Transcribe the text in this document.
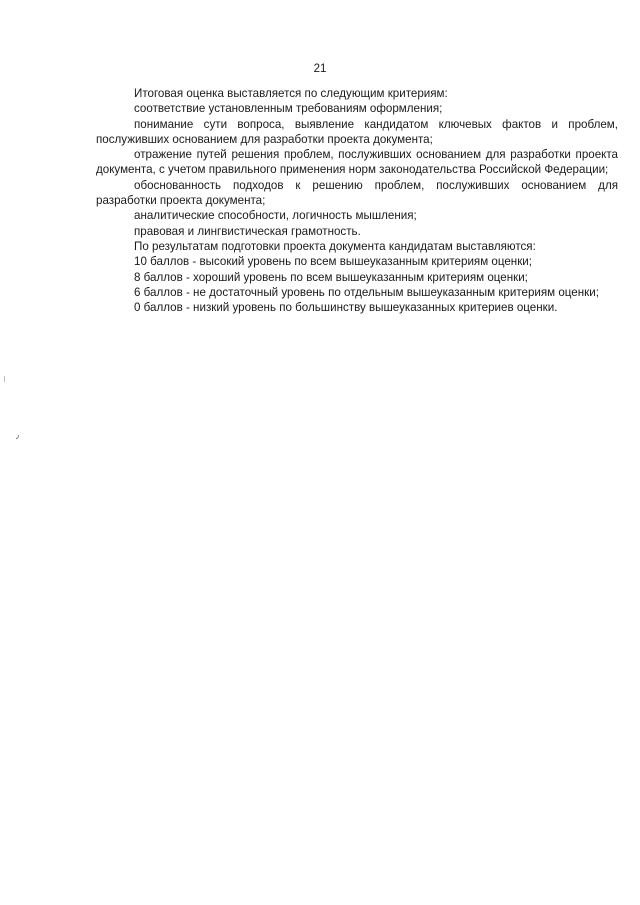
21

Итоговая оценка выставляется по следующим критериям:

соответствие установленным требованиям оформления;

понимание сути вопроса, выявление кандидатом ключевых фактов и проблем, послуживших основанием для разработки проекта документа;

отражение путей решения проблем, послуживших основанием для разработки проекта документа, с учетом правильного применения норм законодательства Российской Федерации;

обоснованность подходов к решению проблем, послуживших основанием для разработки проекта документа;

аналитические способности, логичность мышления;

правовая и лингвистическая грамотность.

По результатам подготовки проекта документа кандидатам выставляются:

10 баллов - высокий уровень по всем вышеуказанным критериям оценки;

8 баллов - хороший уровень по всем вышеуказанным критериям оценки;

6 баллов - не достаточный уровень по отдельным вышеуказанным критериям оценки;

0 баллов - низкий уровень по большинству вышеуказанных критериев оценки.

٫
